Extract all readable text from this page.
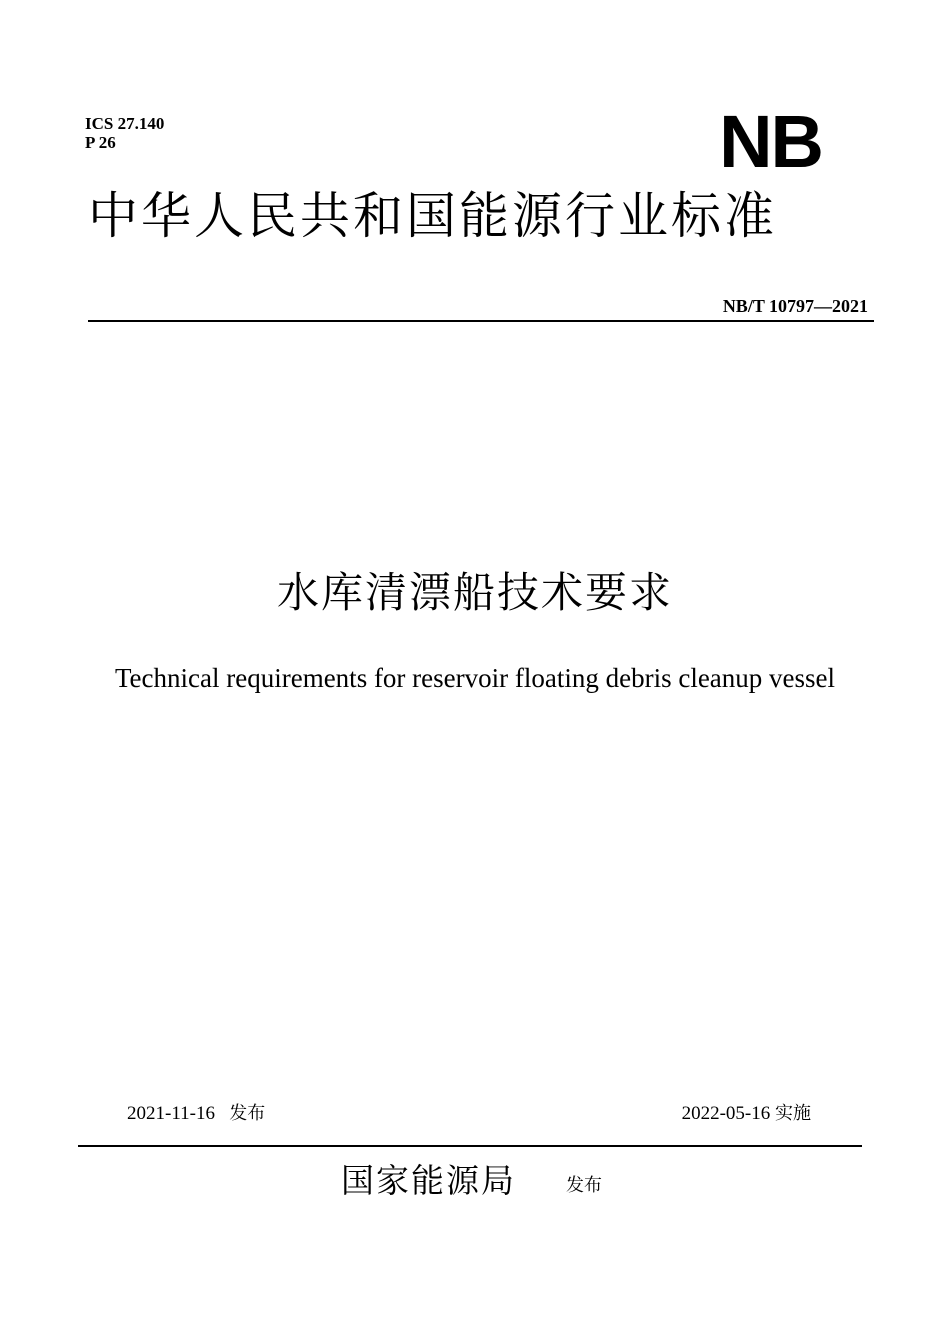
ICS 27.140
P 26	NB
中华人民共和国能源行业标准
NB/T 10797—2021
水库清漂船技术要求
Technical requirements for reservoir floating debris cleanup vessel
2021-11-16 发布	2022-05-16 实施
国家能源局	发布
